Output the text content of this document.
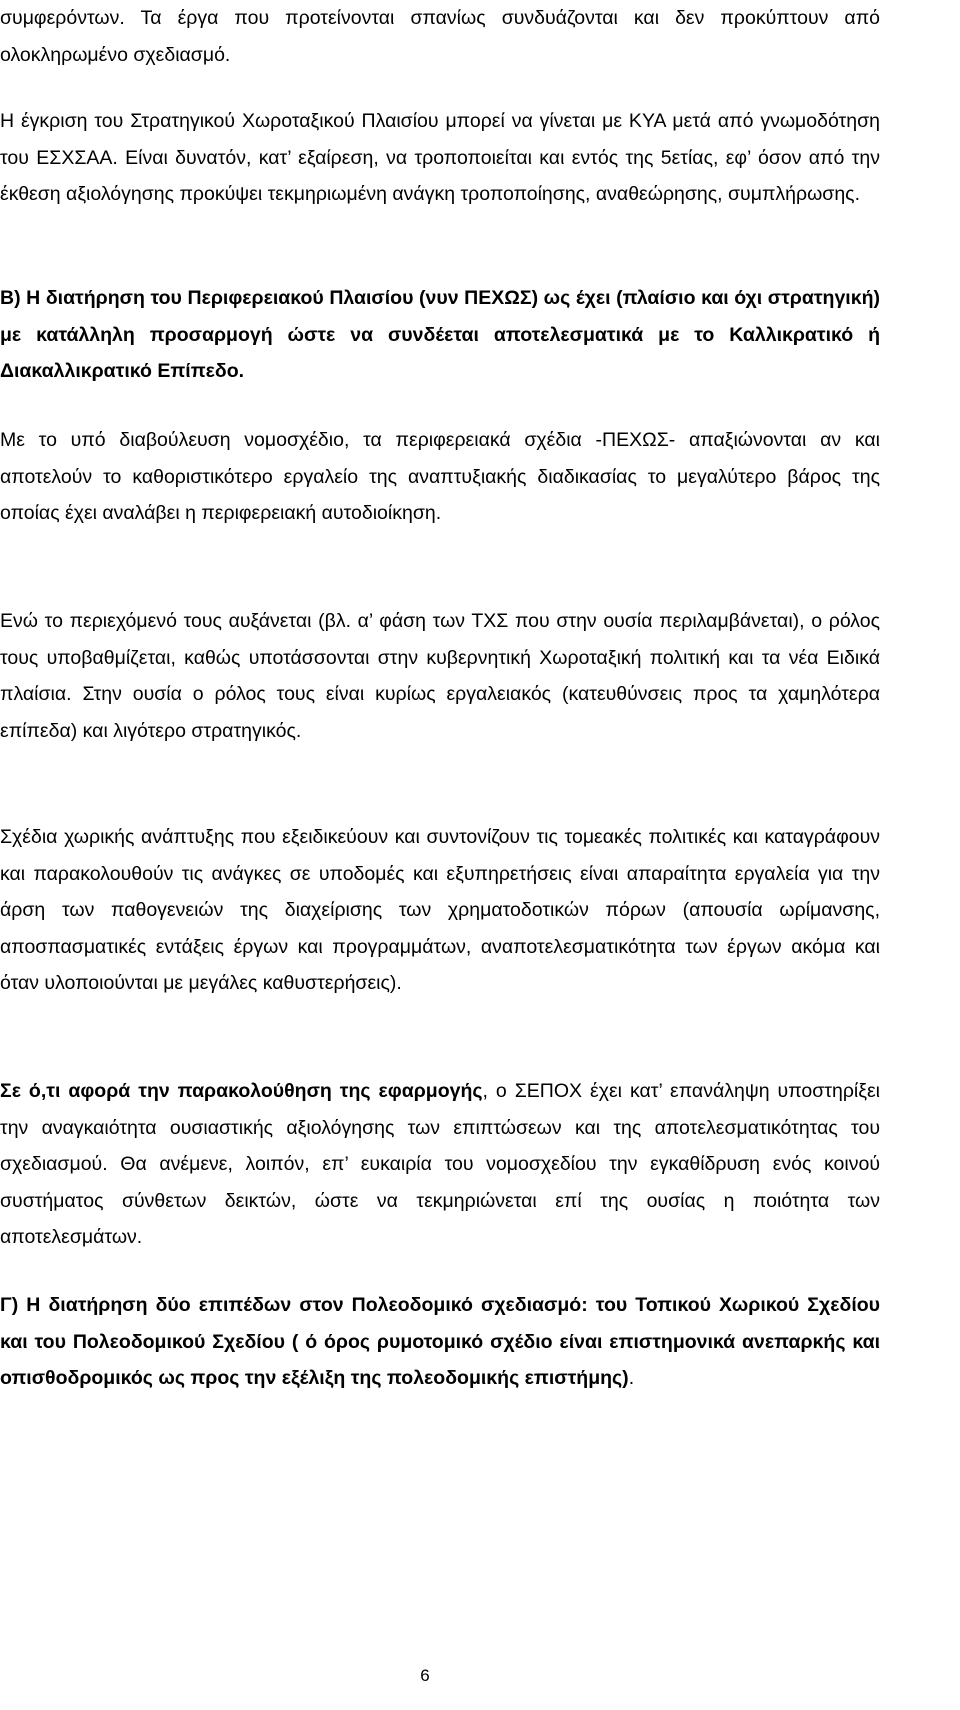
συμφερόντων. Τα έργα που προτείνονται σπανίως συνδυάζονται και δεν προκύπτουν από ολοκληρωμένο σχεδιασμό.

Η έγκριση του Στρατηγικού Χωροταξικού Πλαισίου μπορεί να γίνεται με ΚΥΑ μετά από γνωμοδότηση του ΕΣΧΣΑΑ. Είναι δυνατόν, κατ’ εξαίρεση, να τροποποιείται και εντός της 5ετίας, εφ’ όσον από την έκθεση αξιολόγησης προκύψει τεκμηριωμένη ανάγκη τροποποίησης, αναθεώρησης, συμπλήρωσης.

Β) Η διατήρηση του Περιφερειακού Πλαισίου (νυν ΠΕΧΩΣ) ως έχει (πλαίσιο και όχι στρατηγική) με κατάλληλη προσαρμογή ώστε να συνδέεται αποτελεσματικά με το Καλλικρατικό ή Διακαλλικρατικό Επίπεδο.

Με το υπό διαβούλευση νομοσχέδιο, τα περιφερειακά σχέδια -ΠΕΧΩΣ- απαξιώνονται αν και αποτελούν το καθοριστικότερο εργαλείο της αναπτυξιακής διαδικασίας το μεγαλύτερο βάρος της οποίας έχει αναλάβει η περιφερειακή αυτοδιοίκηση.

Ενώ το περιεχόμενό τους αυξάνεται (βλ. α’ φάση των ΤΧΣ που στην ουσία περιλαμβάνεται), ο ρόλος τους υποβαθμίζεται, καθώς υποτάσσονται στην κυβερνητική Χωροταξική πολιτική και τα νέα Ειδικά πλαίσια. Στην ουσία ο ρόλος τους είναι κυρίως εργαλειακός (κατευθύνσεις προς τα χαμηλότερα επίπεδα) και λιγότερο στρατηγικός.

Σχέδια χωρικής ανάπτυξης που εξειδικεύουν και συντονίζουν τις τομεακές πολιτικές και καταγράφουν και παρακολουθούν τις ανάγκες σε υποδομές και εξυπηρετήσεις είναι απαραίτητα εργαλεία για την άρση των παθογενειών της διαχείρισης των χρηματοδοτικών πόρων (απουσία ωρίμανσης, αποσπασματικές εντάξεις έργων και προγραμμάτων, αναποτελεσματικότητα των έργων ακόμα και όταν υλοποιούνται με μεγάλες καθυστερήσεις).

Σε ό,τι αφορά την παρακολούθηση της εφαρμογής, ο ΣΕΠΟΧ έχει κατ’ επανάληψη υποστηρίξει την αναγκαιότητα ουσιαστικής αξιολόγησης των επιπτώσεων και της αποτελεσματικότητας του σχεδιασμού. Θα ανέμενε, λοιπόν, επ’ ευκαιρία του νομοσχεδίου την εγκαθίδρυση ενός κοινού συστήματος σύνθετων δεικτών, ώστε να τεκμηριώνεται επί της ουσίας η ποιότητα των αποτελεσμάτων.

Γ) Η διατήρηση δύο επιπέδων στον Πολεοδομικό σχεδιασμό: του Τοπικού Χωρικού Σχεδίου και του Πολεοδομικού Σχεδίου ( ό όρος ρυμοτομικό σχέδιο είναι επιστημονικά ανεπαρκής και οπισθοδρομικός ως προς την εξέλιξη της πολεοδομικής επιστήμης).

6
